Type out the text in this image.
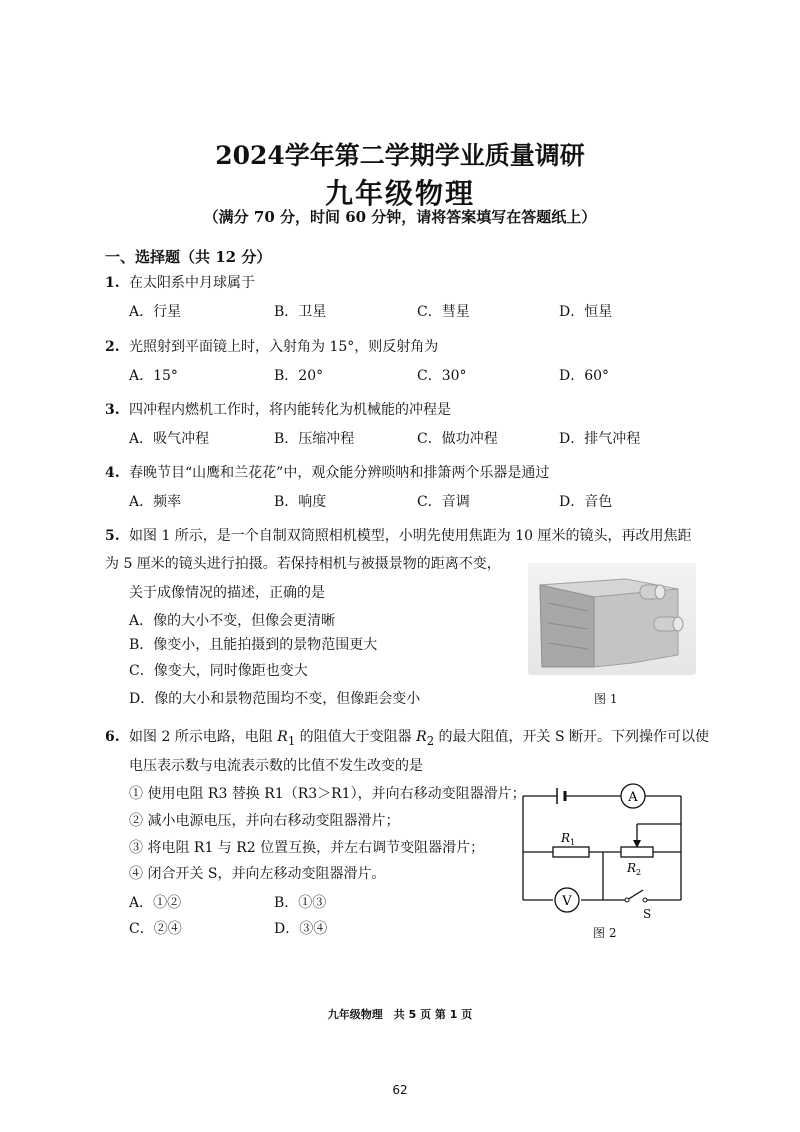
2024学年第二学期学业质量调研
九年级物理
（满分 70 分，时间 60 分钟，请将答案填写在答题纸上）
一、选择题（共 12 分）
1. 在太阳系中月球属于
A．行星	B．卫星	C．彗星	D．恒星
2. 光照射到平面镜上时，入射角为 15°，则反射角为
A．15°	B．20°	C．30°	D．60°
3. 四冲程内燃机工作时，将内能转化为机械能的冲程是
A．吸气冲程	B．压缩冲程	C．做功冲程	D．排气冲程
4. 春晚节目“山鹰和兰花花”中，观众能分辨唢呐和排箫两个乐器是通过
A．频率	B．响度	C．音调	D．音色
5. 如图 1 所示，是一个自制双筒照相机模型，小明先使用焦距为 10 厘米的镜头，再改用焦距为 5 厘米的镜头进行拍摄。若保持相机与被摄景物的距离不变，
关于成像情况的描述，正确的是
A．像的大小不变，但像会更清晰
B．像变小，且能拍摄到的景物范围更大
C．像变大，同时像距也变大
D．像的大小和景物范围均不变，但像距会变小	图 1
6. 如图 2 所示电路，电阻 $R_1$ 的阻值大于变阻器 $R_2$ 的最大阻值，开关 S 断开。下列操作可以使
电压表示数与电流表示数的比值不发生改变的是
① 使用电阻 R3 替换 R1（R3＞R1），并向右移动变阻器滑片；
② 减小电源电压，并向右移动变阻器滑片；
③ 将电阻 R1 与 R2 位置互换，并左右调节变阻器滑片；
④ 闭合开关 S，并向左移动变阻器滑片。
A．①②	B．①③
C．②④	D．③④
A
$R_1$
$R_2$
V
S
图 2
九年级物理　共 5 页 第 1 页
62
